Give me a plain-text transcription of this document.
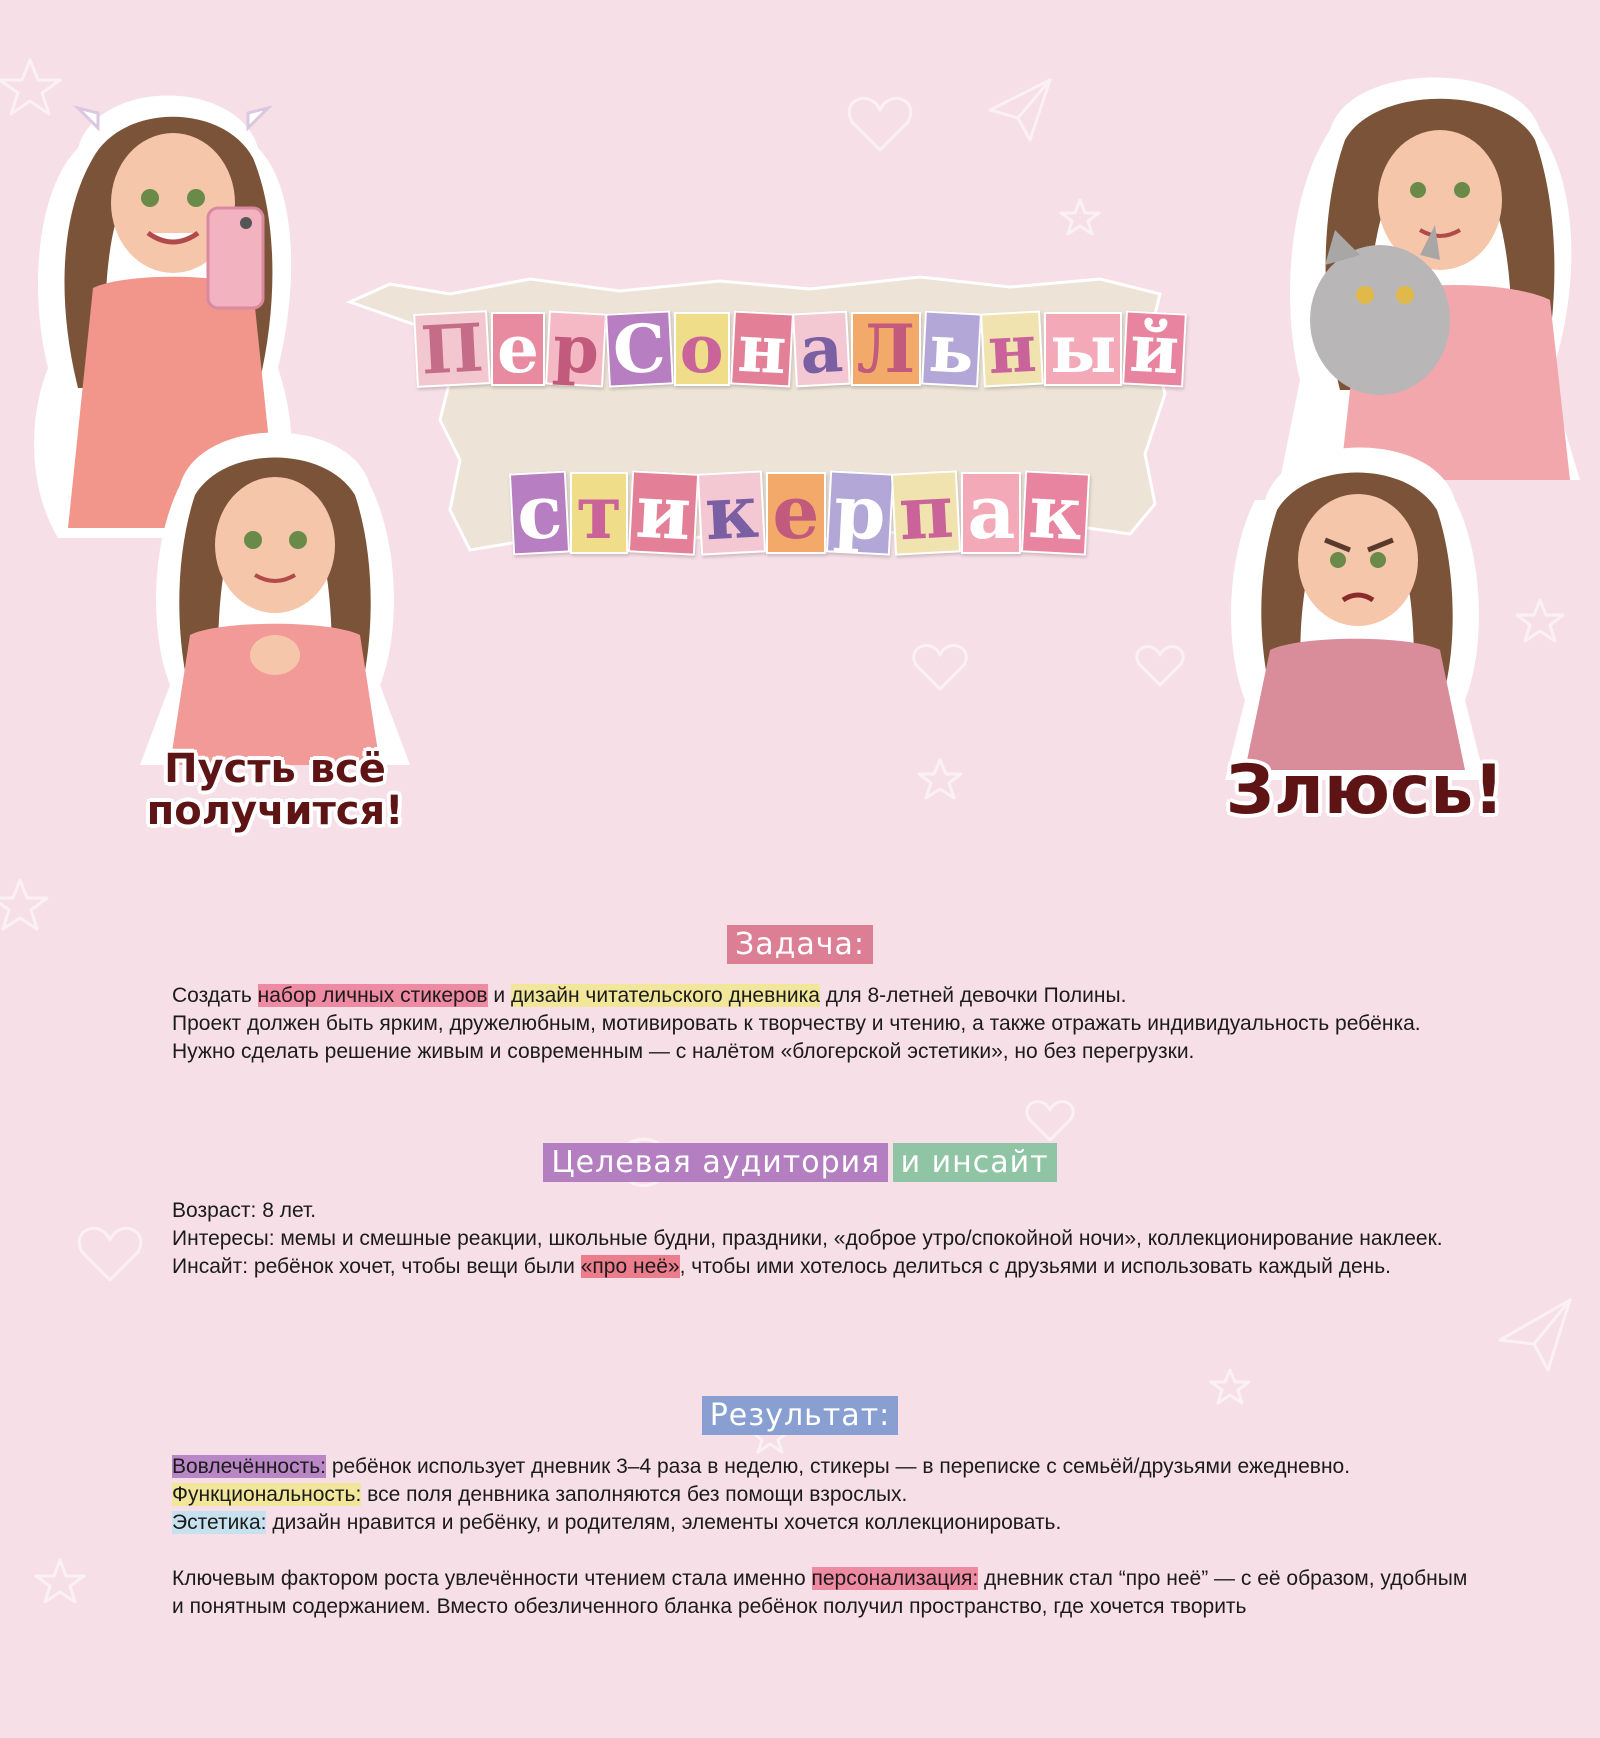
Пусть всё
получится!	Злюсь!
П е р С о н а Л ь н ы й
с т и к е р п а к
Задача:

Создать набор личных стикеров и дизайн читательского дневника для 8-летней девочки Полины.

Проект должен быть ярким, дружелюбным, мотивировать к творчеству и чтению, а также отражать индивидуальность ребёнка. Нужно сделать решение живым и современным — с налётом «блогерской эстетики», но без перегрузки.

Целевая аудитория и инсайт

Возраст: 8 лет.

Интересы: мемы и смешные реакции, школьные будни, праздники, «доброе утро/спокойной ночи», коллекционирование наклеек.

Инсайт: ребёнок хочет, чтобы вещи были «про неё», чтобы ими хотелось делиться с друзьями и использовать каждый день.

Результат:

Вовлечённость: ребёнок использует дневник 3–4 раза в неделю, стикеры — в переписке с семьёй/друзьями ежедневно.

Функциональность: все поля денвника заполняются без помощи взрослых.

Эстетика: дизайн нравится и ребёнку, и родителям, элементы хочется коллекционировать.

Ключевым фактором роста увлечённости чтением стала именно персонализация: дневник стал “про неё” — с её образом, удобным и понятным содержанием. Вместо обезличенного бланка ребёнок получил пространство, где хочется творить
